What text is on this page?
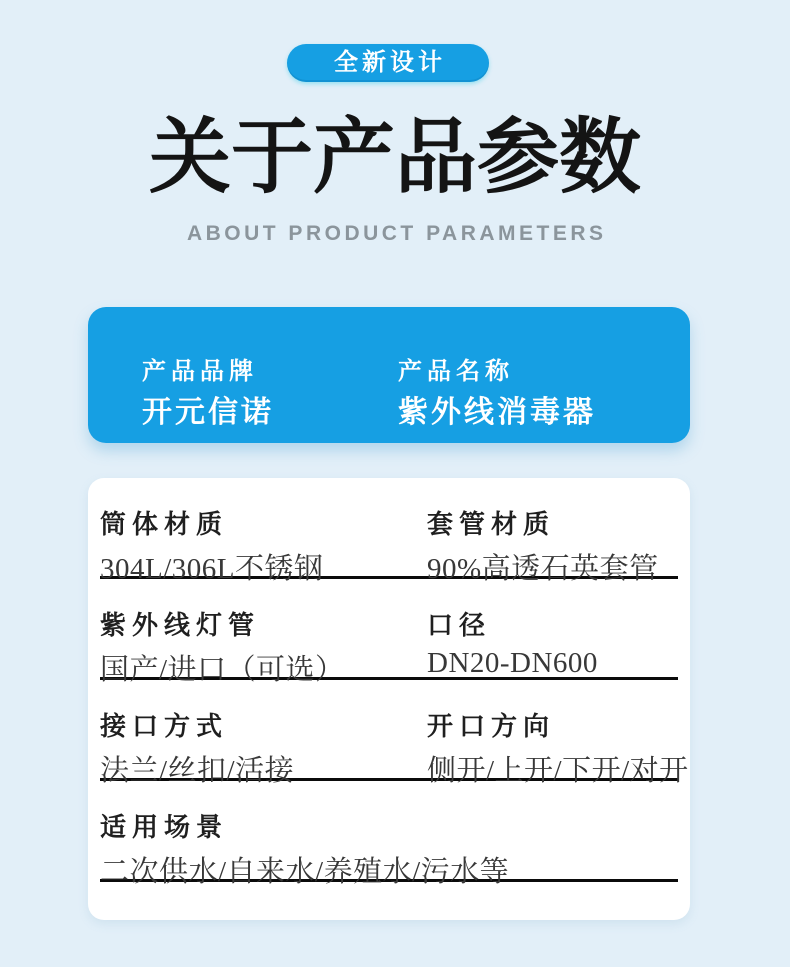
全新设计
关于产品参数
ABOUT PRODUCT PARAMETERS
产品品牌
开元信诺
产品名称
紫外线消毒器
筒体材质
304L/306L不锈钢
套管材质
90%高透石英套管
紫外线灯管
国产/进口（可选）
口径
DN20-DN600
接口方式
法兰/丝扣/活接
开口方向
侧开/上开/下开/对开
适用场景
二次供水/自来水/养殖水/污水等
